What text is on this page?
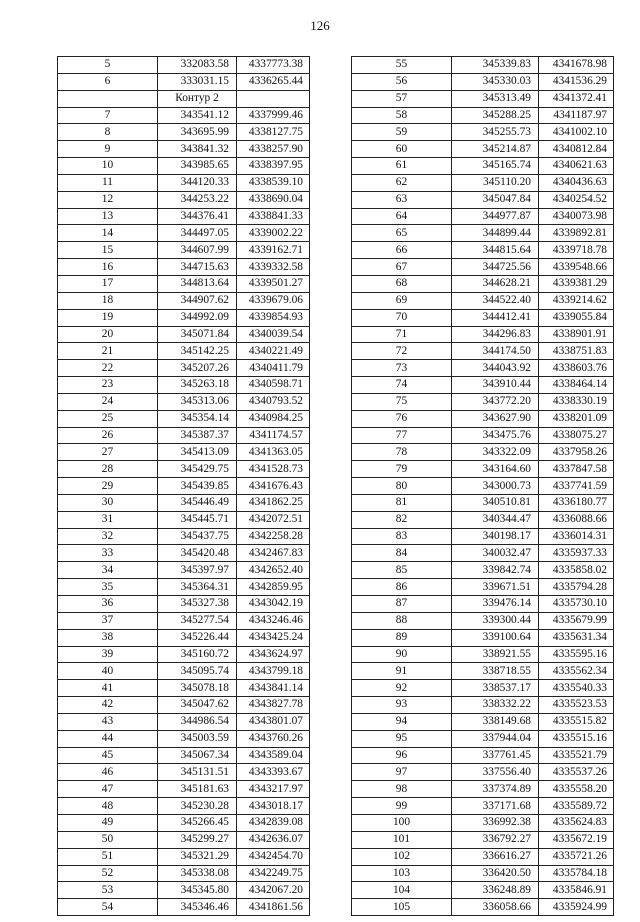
126
5	332083.58	4337773.38
6	333031.15	4336265.44
	Контур 2	
7	343541.12	4337999.46
8	343695.99	4338127.75
9	343841.32	4338257.90
10	343985.65	4338397.95
11	344120.33	4338539.10
12	344253.22	4338690.04
13	344376.41	4338841.33
14	344497.05	4339002.22
15	344607.99	4339162.71
16	344715.63	4339332.58
17	344813.64	4339501.27
18	344907.62	4339679.06
19	344992.09	4339854.93
20	345071.84	4340039.54
21	345142.25	4340221.49
22	345207.26	4340411.79
23	345263.18	4340598.71
24	345313.06	4340793.52
25	345354.14	4340984.25
26	345387.37	4341174.57
27	345413.09	4341363.05
28	345429.75	4341528.73
29	345439.85	4341676.43
30	345446.49	4341862.25
31	345445.71	4342072.51
32	345437.75	4342258.28
33	345420.48	4342467.83
34	345397.97	4342652.40
35	345364.31	4342859.95
36	345327.38	4343042.19
37	345277.54	4343246.46
38	345226.44	4343425.24
39	345160.72	4343624.97
40	345095.74	4343799.18
41	345078.18	4343841.14
42	345047.62	4343827.78
43	344986.54	4343801.07
44	345003.59	4343760.26
45	345067.34	4343589.04
46	345131.51	4343393.67
47	345181.63	4343217.97
48	345230.28	4343018.17
49	345266.45	4342839.08
50	345299.27	4342636.07
51	345321.29	4342454.70
52	345338.08	4342249.75
53	345345.80	4342067.20
54	345346.46	4341861.56
55	345339.83	4341678.98
56	345330.03	4341536.29
57	345313.49	4341372.41
58	345288.25	4341187.97
59	345255.73	4341002.10
60	345214.87	4340812.84
61	345165.74	4340621.63
62	345110.20	4340436.63
63	345047.84	4340254.52
64	344977.87	4340073.98
65	344899.44	4339892.81
66	344815.64	4339718.78
67	344725.56	4339548.66
68	344628.21	4339381.29
69	344522.40	4339214.62
70	344412.41	4339055.84
71	344296.83	4338901.91
72	344174.50	4338751.83
73	344043.92	4338603.76
74	343910.44	4338464.14
75	343772.20	4338330.19
76	343627.90	4338201.09
77	343475.76	4338075.27
78	343322.09	4337958.26
79	343164.60	4337847.58
80	343000.73	4337741.59
81	340510.81	4336180.77
82	340344.47	4336088.66
83	340198.17	4336014.31
84	340032.47	4335937.33
85	339842.74	4335858.02
86	339671.51	4335794.28
87	339476.14	4335730.10
88	339300.44	4335679.99
89	339100.64	4335631.34
90	338921.55	4335595.16
91	338718.55	4335562.34
92	338537.17	4335540.33
93	338332.22	4335523.53
94	338149.68	4335515.82
95	337944.04	4335515.16
96	337761.45	4335521.79
97	337556.40	4335537.26
98	337374.89	4335558.20
99	337171.68	4335589.72
100	336992.38	4335624.83
101	336792.27	4335672.19
102	336616.27	4335721.26
103	336420.50	4335784.18
104	336248.89	4335846.91
105	336058.66	4335924.99
